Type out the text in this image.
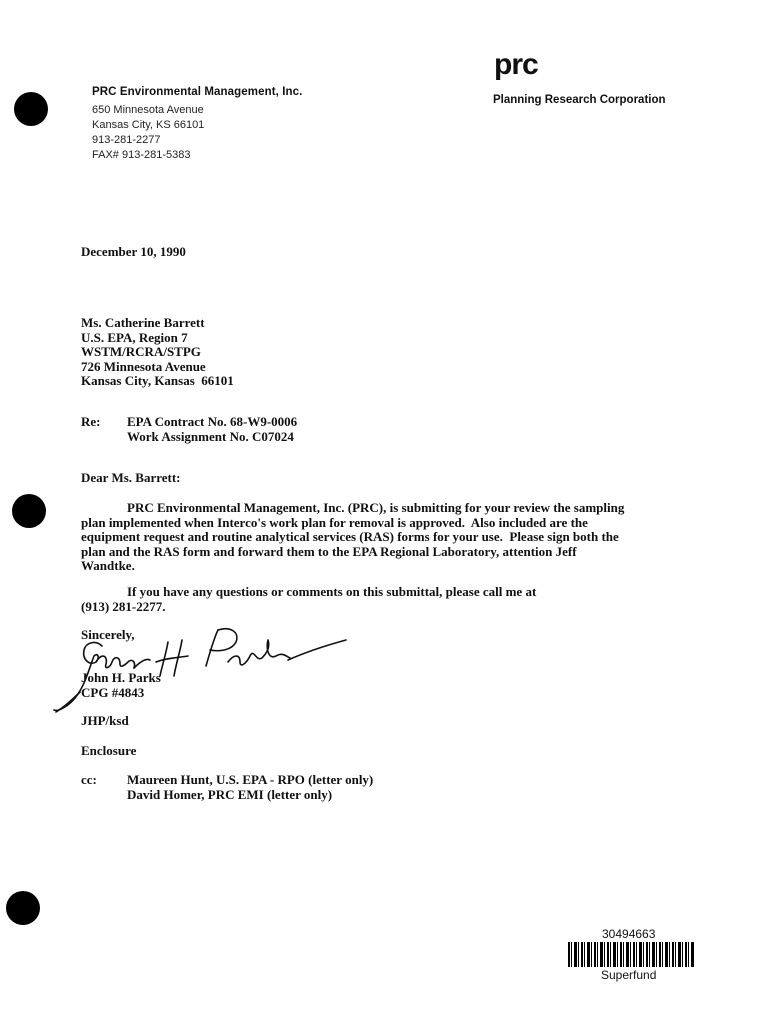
PRC Environmental Management, Inc.
650 Minnesota Avenue
Kansas City, KS 66101
913-281-2277
FAX# 913-281-5383
prc
Planning Research Corporation
December 10, 1990
Ms. Catherine Barrett
U.S. EPA, Region 7
WSTM/RCRA/STPG
726 Minnesota Avenue
Kansas City, Kansas  66101
Re: EPA Contract No. 68-W9-0006
Work Assignment No. C07024
Dear Ms. Barrett:
PRC Environmental Management, Inc. (PRC), is submitting for your review the sampling
plan implemented when Interco's work plan for removal is approved.  Also included are the
equipment request and routine analytical services (RAS) forms for your use.  Please sign both the
plan and the RAS form and forward them to the EPA Regional Laboratory, attention Jeff
Wandtke.
If you have any questions or comments on this submittal, please call me at
(913) 281-2277.
Sincerely,
John H. Parks
CPG #4843
JHP/ksd
Enclosure
cc: Maureen Hunt, U.S. EPA - RPO (letter only)
David Homer, PRC EMI (letter only)
30494663
Superfund
